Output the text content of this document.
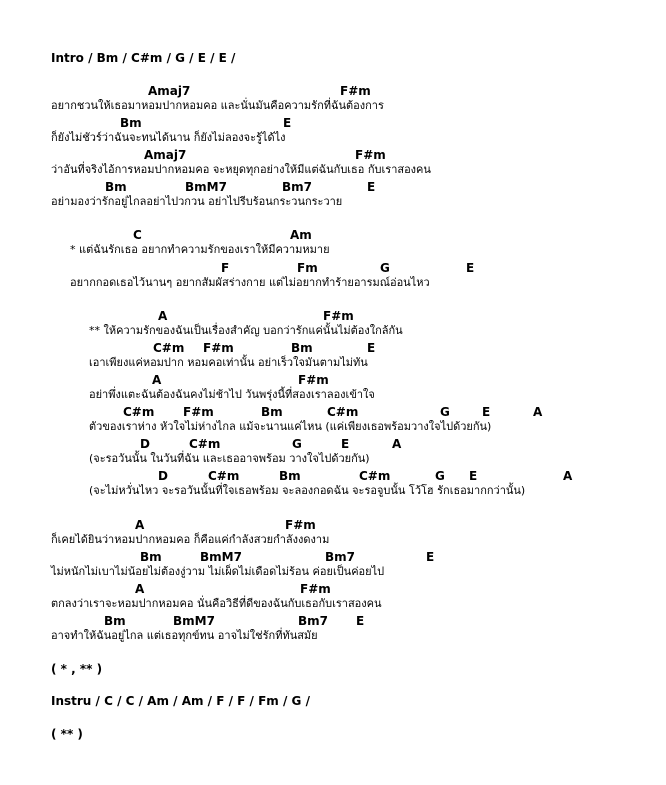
Intro / Bm / C#m / G / E / E /
Amaj7	F#m
อยากชวนให้เธอมาหอมปากหอมคอ และนั่นมันคือความรักที่ฉันต้องการ
Bm	E
ก็ยังไม่ชัวร์ว่าฉันจะทนได้นาน ก็ยังไม่ลองจะรู้ได้ไง
Amaj7	F#m
ว่าอันที่จริงไอ้การหอมปากหอมคอ จะหยุดทุกอย่างให้มีแต่ฉันกับเธอ กับเราสองคน
Bm	BmM7	Bm7	E
อย่ามองว่ารักอยู่ไกลอย่าไปวกวน อย่าไปรีบร้อนกระวนกระวาย
C	Am
* แต่ฉันรักเธอ อยากทำความรักของเราให้มีความหมาย
F	Fm	G	E
อยากกอดเธอไว้นานๆ อยากสัมผัสร่างกาย แต่ไม่อยากทำร้ายอารมณ์อ่อนไหว
A	F#m
** ให้ความรักของฉันเป็นเรื่องสำคัญ บอกว่ารักแค่นั้นไม่ต้องใกล้กัน
C#m F#m	Bm	E
เอาเพียงแค่หอมปาก หอมคอเท่านั้น อย่าเร็วใจมันตามไม่ทัน
A	F#m
อย่าพึ่งแตะฉันต้องฉันคงไม่ช้าไป วันพรุ่งนี้ที่สองเราลองเข้าใจ
C#m F#m	Bm	C#m	G	E	A
ตัวของเราห่าง หัวใจไม่ห่างไกล แม้จะนานแค่ไหน (แค่เพียงเธอพร้อมวางใจไปด้วยกัน)
D	C#m	G	E	A
(จะรอวันนั้น ในวันที่ฉัน และเธออาจพร้อม วางใจไปด้วยกัน)
D	C#m	Bm	C#m	G E	A
(จะไม่หวั่นไหว จะรอวันนั้นที่ใจเธอพร้อม จะลองกอดฉัน จะรอจูบนั้น โว้โฮ รักเธอมากกว่านั้น)
A	F#m
ก็เคยได้ยินว่าหอมปากหอมคอ ก็คือแค่กำลังสวยกำลังงดงาม
Bm	BmM7	Bm7	E
ไม่หนักไม่เบาไม่น้อยไม่ต้องงู่วาม ไม่เผ็ดไม่เดือดไม่ร้อน ค่อยเป็นค่อยไป
A	F#m
ตกลงว่าเราจะหอมปากหอมคอ นั่นคือวิธีที่ดีของฉันกับเธอกับเราสองคน
Bm	BmM7	Bm7 E
อาจทำให้ฉันอยู่ไกล แต่เธอทุกข์ทน อาจไม่ใช่รักที่ทันสมัย
( * , ** )
Instru / C / C / Am / Am / F / F / Fm / G /
( ** )
